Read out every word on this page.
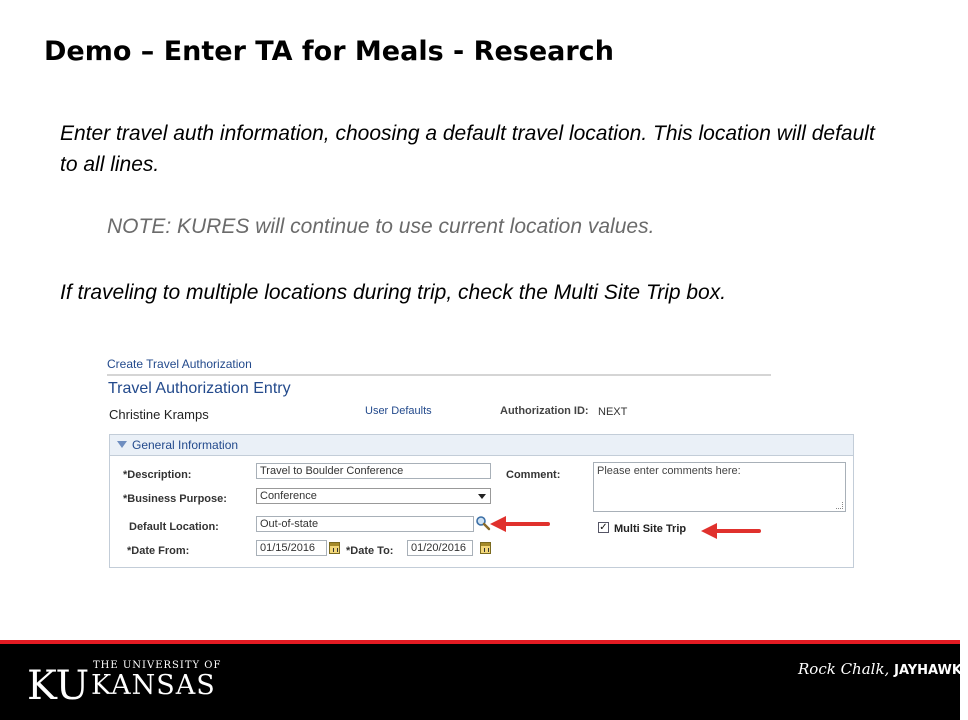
Demo – Enter TA for Meals - Research
Enter travel auth information, choosing a default travel location. This location will default to all lines.
NOTE: KURES will continue to use current location values.
If traveling to multiple locations during trip, check the Multi Site Trip box.
Create Travel Authorization
Travel Authorization Entry
Christine Kramps	User Defaults	Authorization ID: NEXT
General Information
*Description:	Travel to Boulder Conference
*Business Purpose:	Conference
Default Location:	Out-of-state
*Date From:	01/15/2016	*Date To:	01/20/2016
Comment:	Please enter comments here:
✓ Multi Site Trip
KU THE UNIVERSITY OF
KANSAS
Rock Chalk, JAYHAWK!
